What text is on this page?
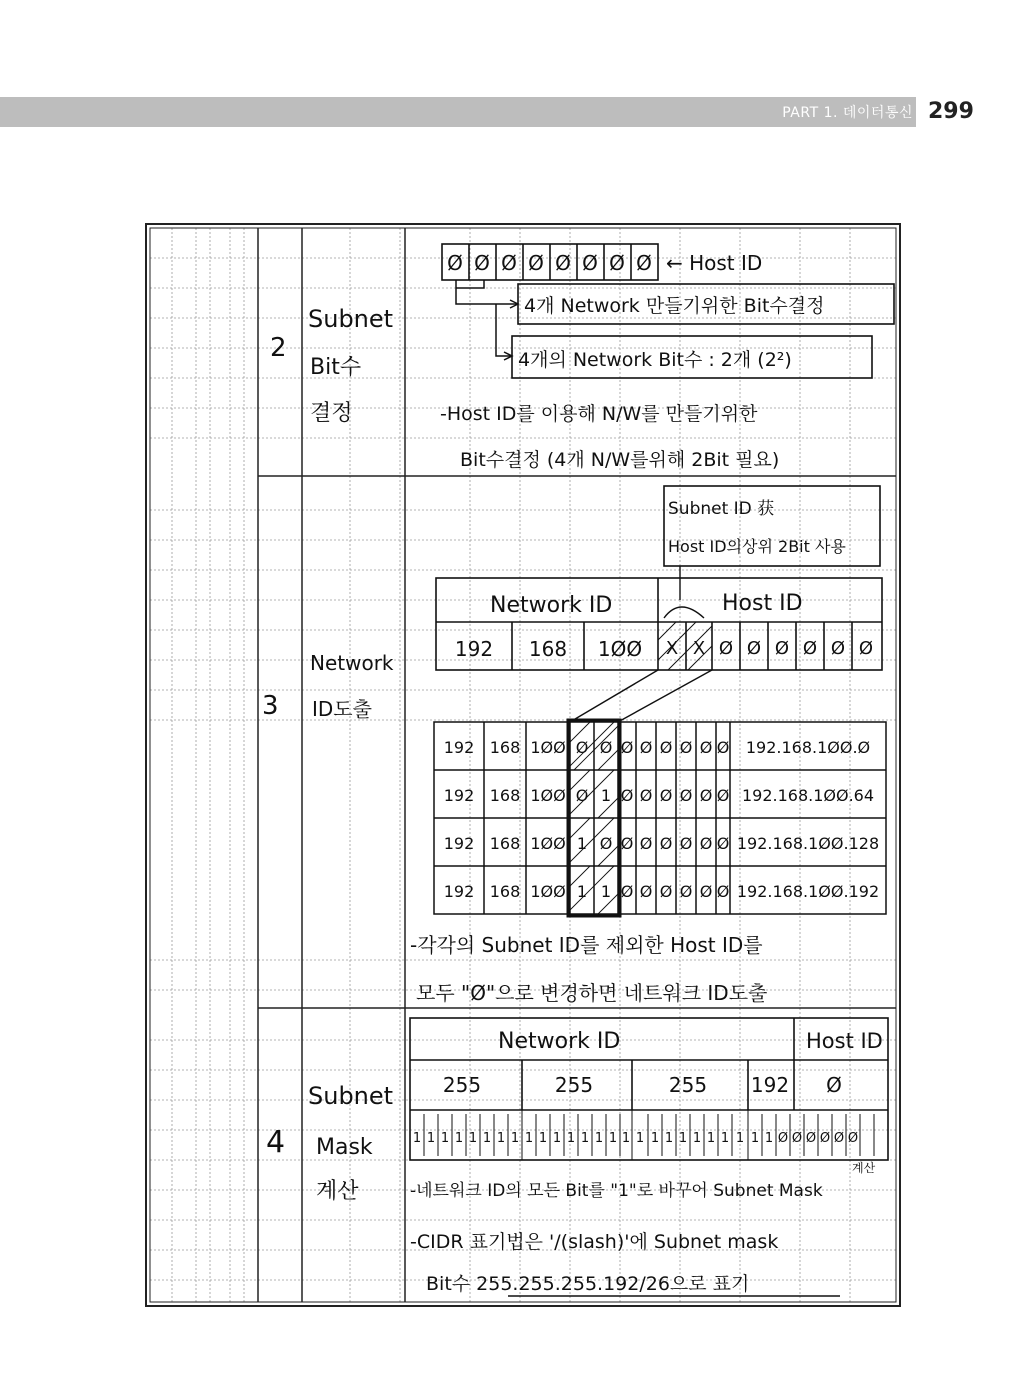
PART 1. 데이터통신 299
2
Subnet
Bit수
결정
Ø Ø Ø Ø Ø Ø Ø Ø ← Host ID
4개 Network 만들기위한 Bit수결정
4개의 Network Bit수 : 2개 (2²)
-Host ID를 이용해 N/W를 만들기위한
Bit수결정 (4개 N/W를위해 2Bit 필요)
3
Network
ID도출
Subnet ID 获
Host ID의상위 2Bit 사용
Network ID	Host ID
192 168 1ØØ X X Ø Ø Ø Ø Ø Ø
192 168 1ØØ Ø Ø Ø Ø Ø Ø Ø Ø 192.168.1ØØ.Ø
192 168 1ØØ Ø 1 Ø Ø Ø Ø Ø Ø 192.168.1ØØ.64
192 168 1ØØ 1 Ø Ø Ø Ø Ø Ø Ø 192.168.1ØØ.128
192 168 1ØØ 1 1 Ø Ø Ø Ø Ø Ø 192.168.1ØØ.192
-각각의 Subnet ID를 제외한 Host ID를
모두 "Ø"으로 변경하면 네트워크 ID도출
4
Subnet
Mask
계산
Network ID	Host ID
255	255	255 192 Ø
1 1 1 1 1 1 1 1 1 1 1 1 1 1 1 1 1 1 1 1 1 1 1 1 1 1 Ø Ø Ø Ø Ø Ø
계산
-네트워크 ID의 모든 Bit를 "1"로 바꾸어 Subnet Mask
-CIDR 표기법은 '/(slash)'에 Subnet mask
Bit수 255.255.255.192/26으로 표기
